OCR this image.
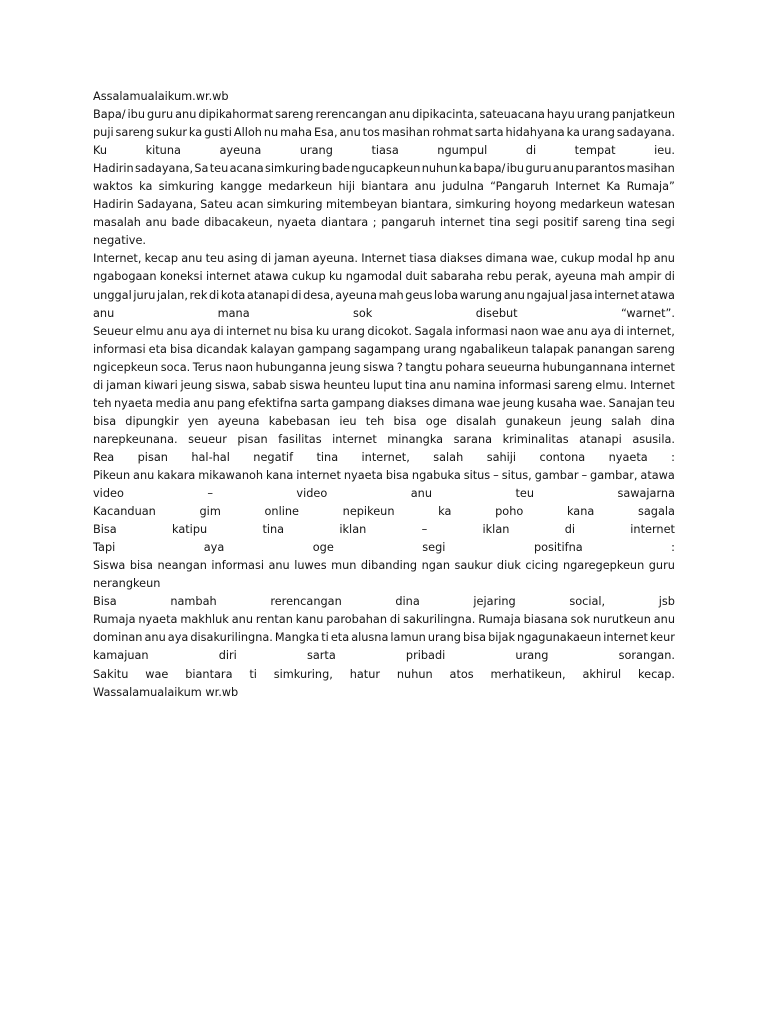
Assalamualaikum.wr.wb
Bapa/ ibu guru anu dipikahormat sareng rerencangan anu dipikacinta, sateuacana hayu urang panjatkeun
puji sareng sukur ka gusti Alloh nu maha Esa, anu tos masihan rohmat sarta hidahyana ka urang sadayana.
Ku	kituna	ayeuna	urang	tiasa	ngumpul	di	tempat	ieu.
Hadirin sadayana, Sa teu acana simkuring bade ngucapkeun nuhun ka bapa/ ibu guru anu parantos masihan
waktos ka simkuring kangge medarkeun hiji biantara anu judulna “Pangaruh Internet Ka Rumaja”
Hadirin Sadayana, Sateu acan simkuring mitembeyan biantara, simkuring hoyong medarkeun watesan
masalah anu bade dibacakeun, nyaeta diantara ; pangaruh internet tina segi positif sareng tina segi
negative.
Internet, kecap anu teu asing di jaman ayeuna. Internet tiasa diakses dimana wae, cukup modal hp anu
ngabogaan koneksi internet atawa cukup ku ngamodal duit sabaraha rebu perak, ayeuna mah ampir di
unggal juru jalan, rek di kota atanapi di desa, ayeuna mah geus loba warung anu ngajual jasa internet atawa
anu	mana	sok	disebut	“warnet”.
Seueur elmu anu aya di internet nu bisa ku urang dicokot. Sagala informasi naon wae anu aya di internet,
informasi eta bisa dicandak kalayan gampang sagampang urang ngabalikeun talapak panangan sareng
ngicepkeun soca. Terus naon hubunganna jeung siswa ? tangtu pohara seueurna hubungannana internet
di jaman kiwari jeung siswa, sabab siswa heunteu luput tina anu namina informasi sareng elmu. Internet
teh nyaeta media anu pang efektifna sarta gampang diakses dimana wae jeung kusaha wae. Sanajan teu
bisa dipungkir yen ayeuna kabebasan ieu teh bisa oge disalah gunakeun jeung salah dina
narepkeunana. seueur pisan fasilitas internet minangka sarana kriminalitas atanapi asusila.
Rea pisan hal-hal negatif tina internet, salah sahiji contona nyaeta :
Pikeun anu kakara mikawanoh kana internet nyaeta bisa ngabuka situs – situs, gambar – gambar, atawa
video	–	video	anu	teu	sawajarna
Kacanduan	gim	online	nepikeun	ka	poho	kana	sagala
Bisa	katipu	tina	iklan	–	iklan	di	internet
Tapi	aya	oge	segi	positifna	:
Siswa bisa neangan informasi anu luwes mun dibanding ngan saukur diuk cicing ngaregepkeun guru
nerangkeun
Bisa	nambah	rerencangan	dina	jejaring	social,	jsb
Rumaja nyaeta makhluk anu rentan kanu parobahan di sakurilingna. Rumaja biasana sok nurutkeun anu
dominan anu aya disakurilingna. Mangka ti eta alusna lamun urang bisa bijak ngagunakaeun internet keur
kamajuan	diri	sarta	pribadi	urang	sorangan.
Sakitu wae biantara ti simkuring, hatur nuhun atos merhatikeun, akhirul kecap.
Wassalamualaikum wr.wb
